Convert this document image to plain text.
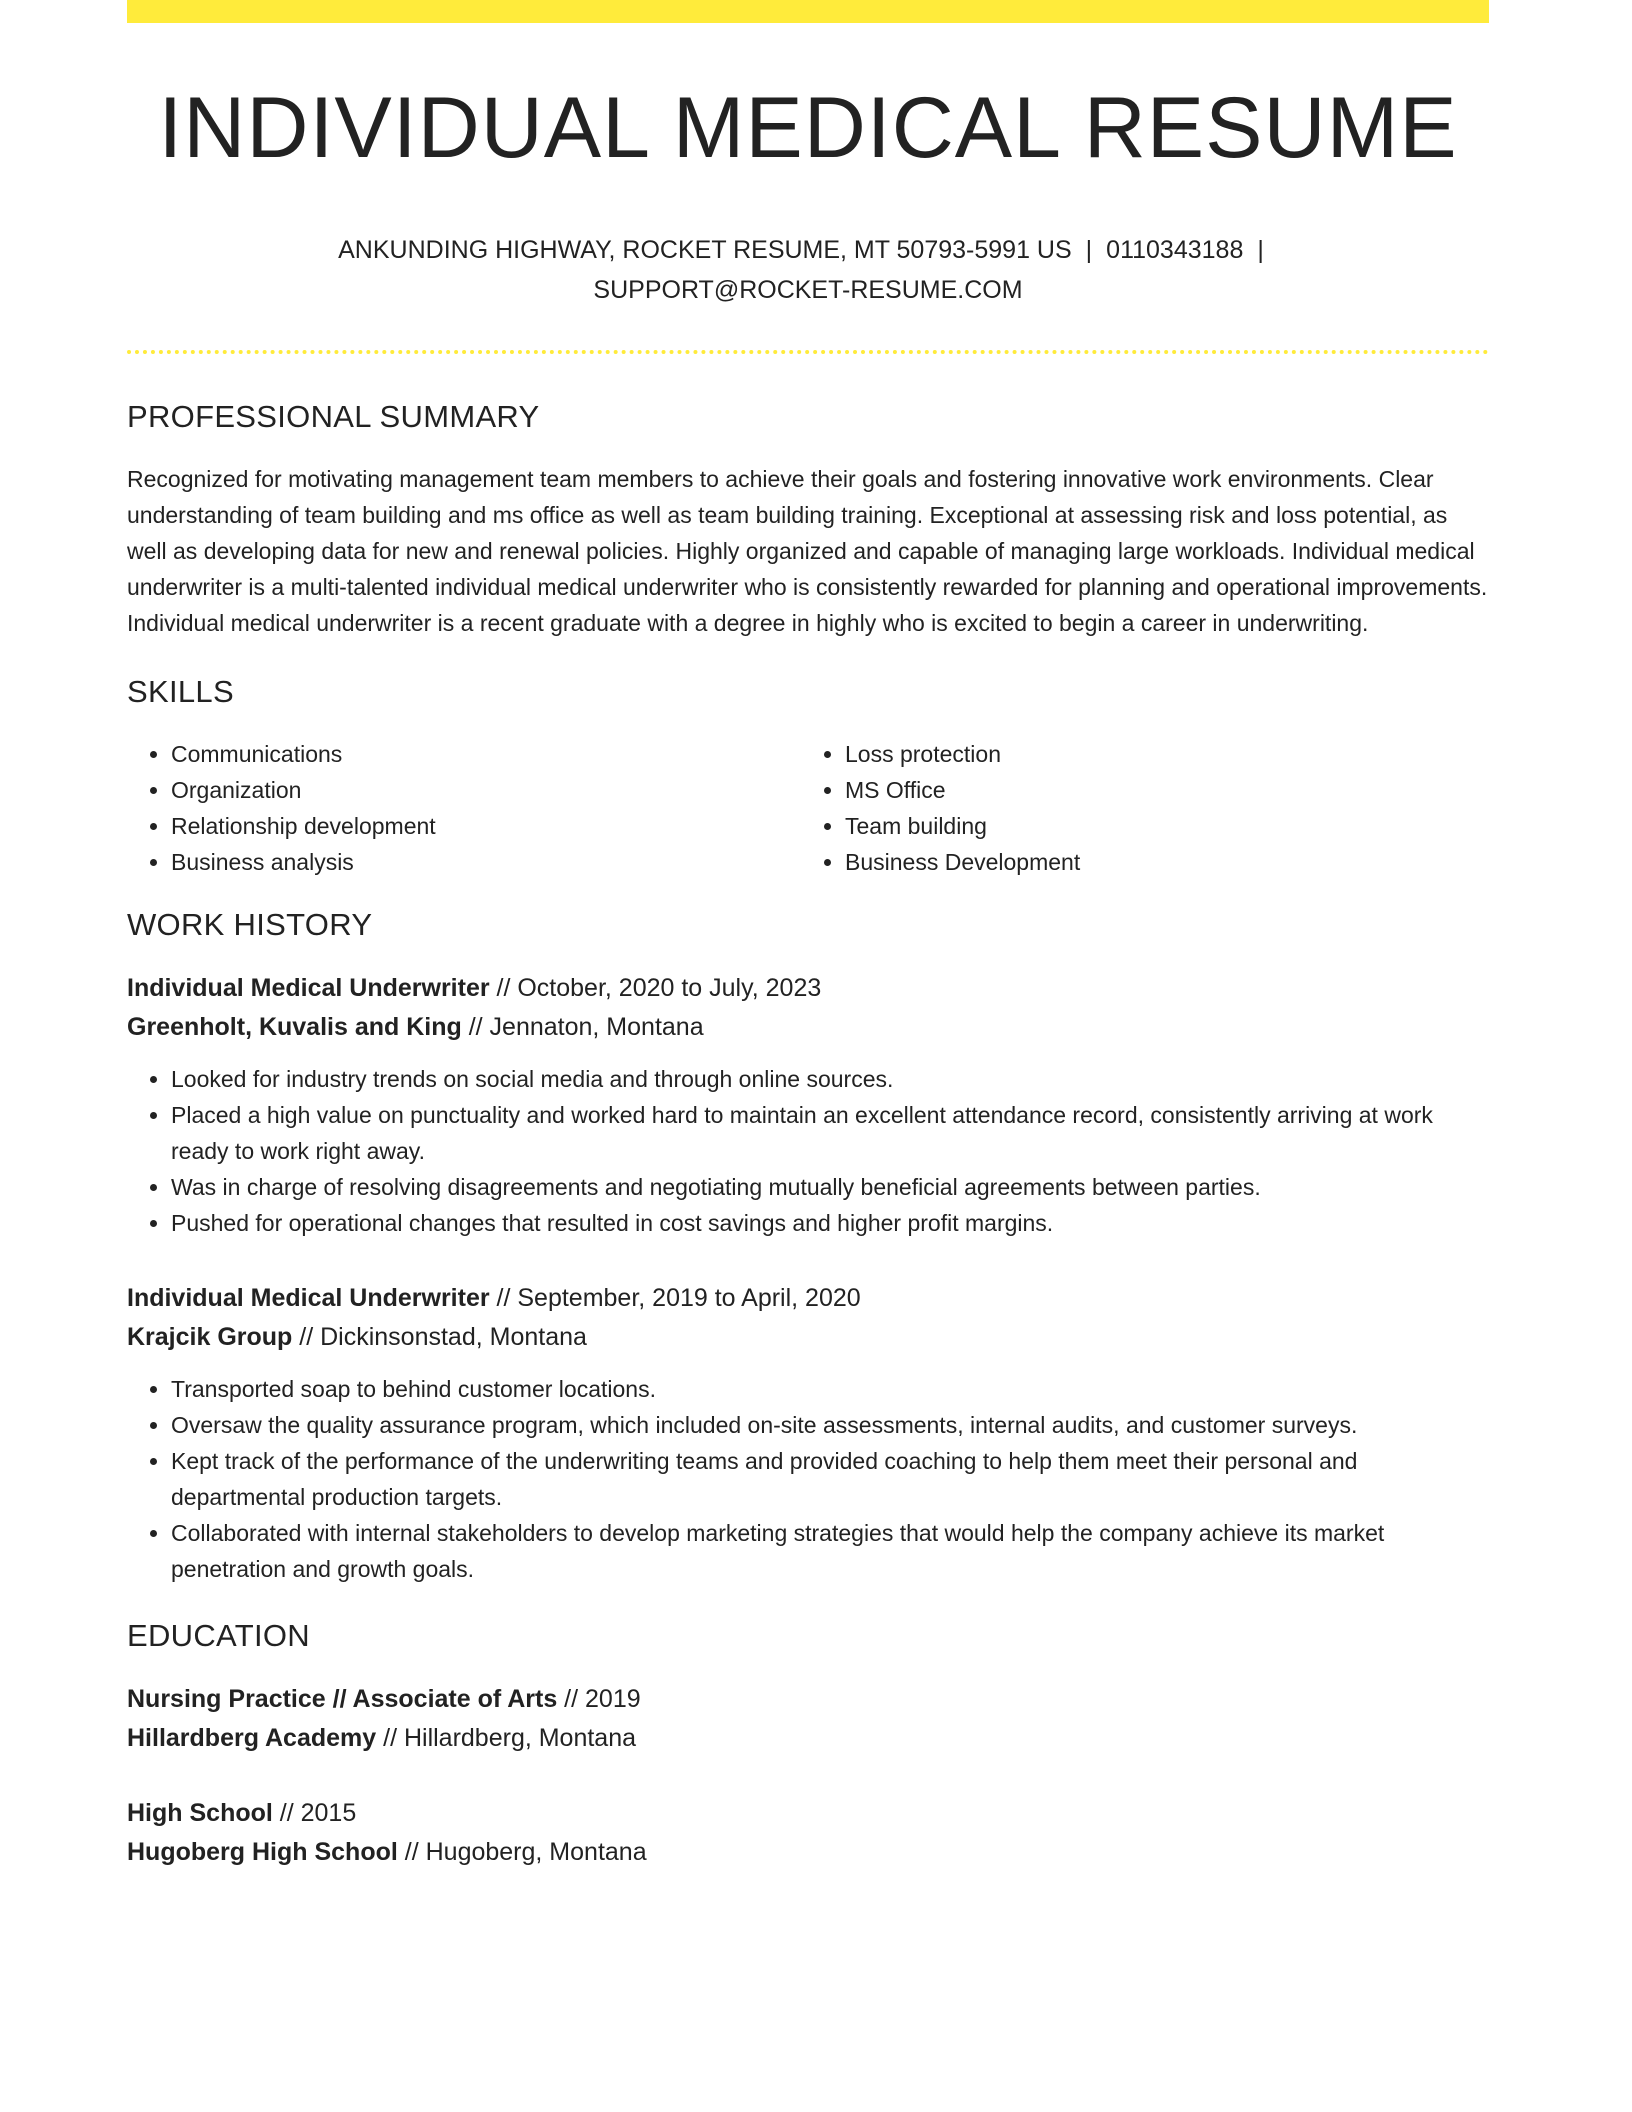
INDIVIDUAL MEDICAL RESUME
ANKUNDING HIGHWAY, ROCKET RESUME, MT 50793-5991 US | 0110343188 |
SUPPORT@ROCKET-RESUME.COM
PROFESSIONAL SUMMARY

Recognized for motivating management team members to achieve their goals and fostering innovative work environments. Clear understanding of team building and ms office as well as team building training. Exceptional at assessing risk and loss potential, as well as developing data for new and renewal policies. Highly organized and capable of managing large workloads. Individual medical underwriter is a multi-talented individual medical underwriter who is consistently rewarded for planning and operational improvements. Individual medical underwriter is a recent graduate with a degree in highly who is excited to begin a career in underwriting.

SKILLS
• Communications
• Organization
• Relationship development
• Business analysis
• Loss protection
• MS Office
• Team building
• Business Development
WORK HISTORY

Individual Medical Underwriter // October, 2020 to July, 2023

Greenholt, Kuvalis and King // Jennaton, Montana

• Looked for industry trends on social media and through online sources.
• Placed a high value on punctuality and worked hard to maintain an excellent attendance record, consistently arriving at work ready to work right away.
• Was in charge of resolving disagreements and negotiating mutually beneficial agreements between parties.
• Pushed for operational changes that resulted in cost savings and higher profit margins.

Individual Medical Underwriter // September, 2019 to April, 2020

Krajcik Group // Dickinsonstad, Montana

• Transported soap to behind customer locations.
• Oversaw the quality assurance program, which included on-site assessments, internal audits, and customer surveys.
• Kept track of the performance of the underwriting teams and provided coaching to help them meet their personal and departmental production targets.
• Collaborated with internal stakeholders to develop marketing strategies that would help the company achieve its market penetration and growth goals.
EDUCATION

Nursing Practice // Associate of Arts // 2019

Hillardberg Academy // Hillardberg, Montana

High School // 2015

Hugoberg High School // Hugoberg, Montana
